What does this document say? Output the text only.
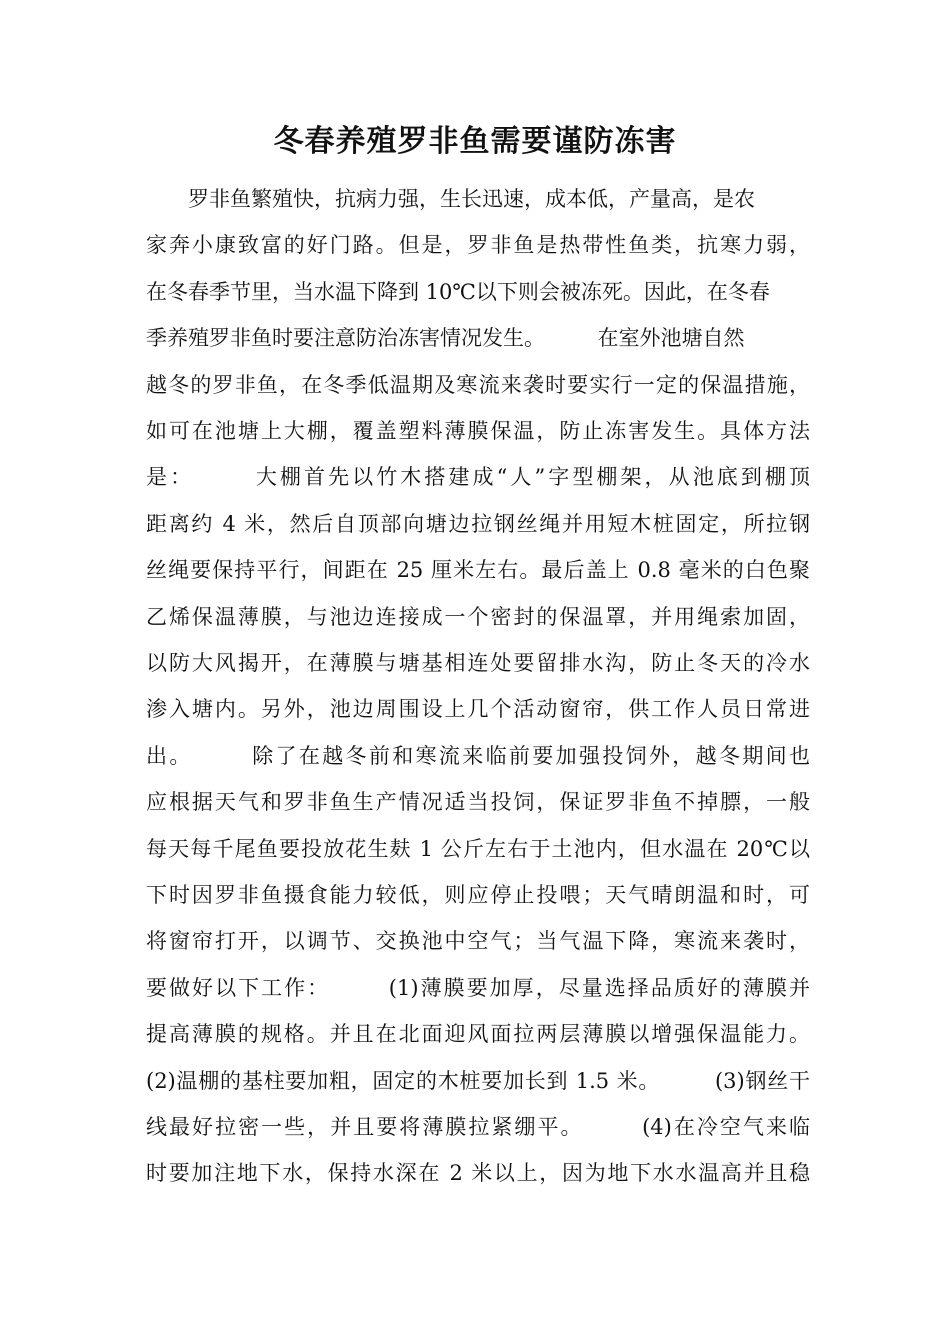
冬春养殖罗非鱼需要谨防冻害

　　罗非鱼繁殖快，抗病力强，生长迅速，成本低，产量高，是农

家奔小康致富的好门路。但是，罗非鱼是热带性鱼类，抗寒力弱，

在冬春季节里，当水温下降到 10℃以下则会被冻死。因此，在冬春

季养殖罗非鱼时要注意防治冻害情况发生。　　　在室外池塘自然

越冬的罗非鱼，在冬季低温期及寒流来袭时要实行一定的保温措施，

如可在池塘上大棚，覆盖塑料薄膜保温，防止冻害发生。具体方法

是：　　　大棚首先以竹木搭建成“人”字型棚架，从池底到棚顶

距离约 4 米，然后自顶部向塘边拉钢丝绳并用短木桩固定，所拉钢

丝绳要保持平行，间距在 25 厘米左右。最后盖上 0.8 毫米的白色聚

乙烯保温薄膜，与池边连接成一个密封的保温罩，并用绳索加固，

以防大风揭开，在薄膜与塘基相连处要留排水沟，防止冬天的冷水

渗入塘内。另外，池边周围设上几个活动窗帘，供工作人员日常进

出。　　　除了在越冬前和寒流来临前要加强投饲外，越冬期间也

应根据天气和罗非鱼生产情况适当投饲，保证罗非鱼不掉膘，一般

每天每千尾鱼要投放花生麸 1 公斤左右于土池内，但水温在 20℃以

下时因罗非鱼摄食能力较低，则应停止投喂；天气晴朗温和时，可

将窗帘打开，以调节、交换池中空气；当气温下降，寒流来袭时，

要做好以下工作：　　　(1)薄膜要加厚，尽量选择品质好的薄膜并

提高薄膜的规格。并且在北面迎风面拉两层薄膜以增强保温能力。

(2)温棚的基柱要加粗，固定的木桩要加长到 1.5 米。　　　(3)钢丝干

线最好拉密一些，并且要将薄膜拉紧绷平。　　　(4)在冷空气来临

时要加注地下水，保持水深在 2 米以上，因为地下水水温高并且稳
